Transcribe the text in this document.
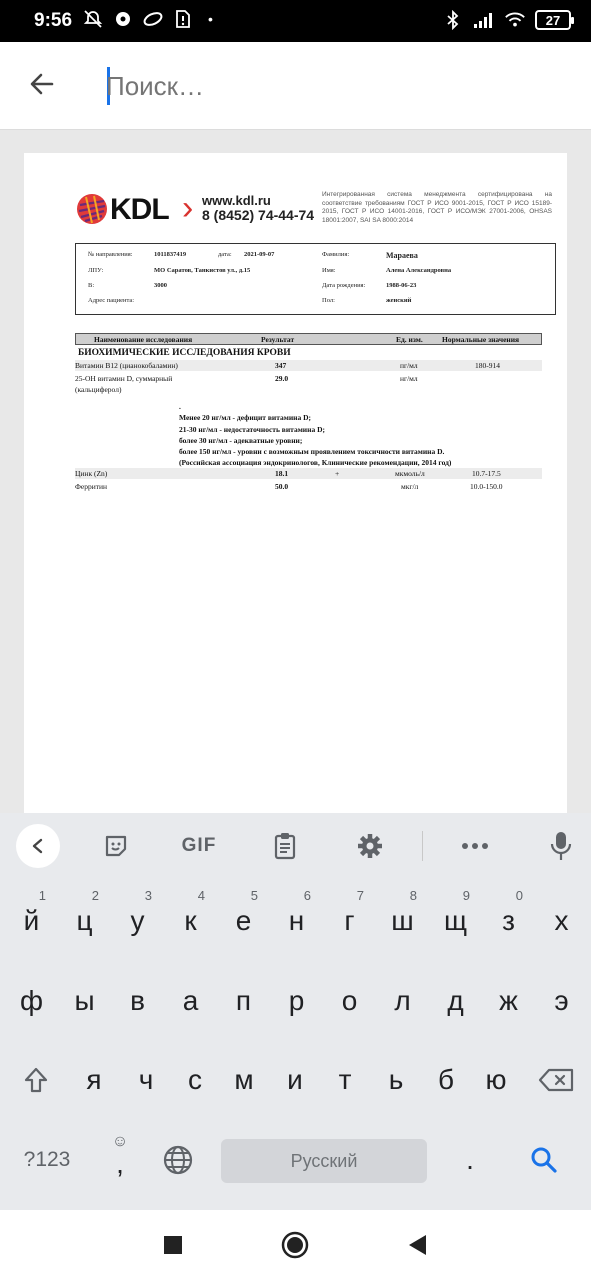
9:56	•	27
Поиск…
KDL › www.kdl.ru
8 (8452) 74-44-74
Интегрированная система менеджмента сертифицирована на соответствие требованиям ГОСТ Р ИСО 9001-2015, ГОСТ Р ИСО 15189-2015, ГОСТ Р ИСО 14001-2016, ГОСТ Р ИСО/МЭК 27001-2006, OHSAS 18001:2007, SAI SA 8000:2014
№ направления:	1011837419	дата: 2021-09-07	Фамилия:	Мараева
ЛПУ:	МО Саратов, Танкистов ул., д.15	Имя:	Алена Александровна
В:	3000	Дата рождения:	1988-06-23
Адрес пациента:	Пол:	женский
Наименование исследования	Результат	Ед. изм.	Нормальные значения
БИОХИМИЧЕСКИЕ ИССЛЕДОВАНИЯ КРОВИ
Витамин B12 (цианокобаламин)	347	пг/мл	180-914
25-OH витамин D, суммарный	29.0	нг/мл
(кальциферол)
.
Менее 20 нг/мл - дефицит витамина D;
21-30 нг/мл - недостаточность витамина D;
более 30 нг/мл - адекватные уровни;
более 150 нг/мл - уровни с возможным проявлением токсичности витамина D.
(Российская ассоциация эндокринологов, Клинические рекомендации, 2014 год)
Цинк (Zn)	18.1	+	мкмоль/л	10.7-17.5
Ферритин	50.0	мкг/л	10.0-150.0
GIF
й
1
ц
2
у
3
к
4
е
5
н
6
г
7
ш
8
щ
9
з
0
х
ф	ы	в	а	п	р	о	л	д	ж	э
я	ч	с	м	и	т	ь	б	ю
?123
☺
,	Русский	.
